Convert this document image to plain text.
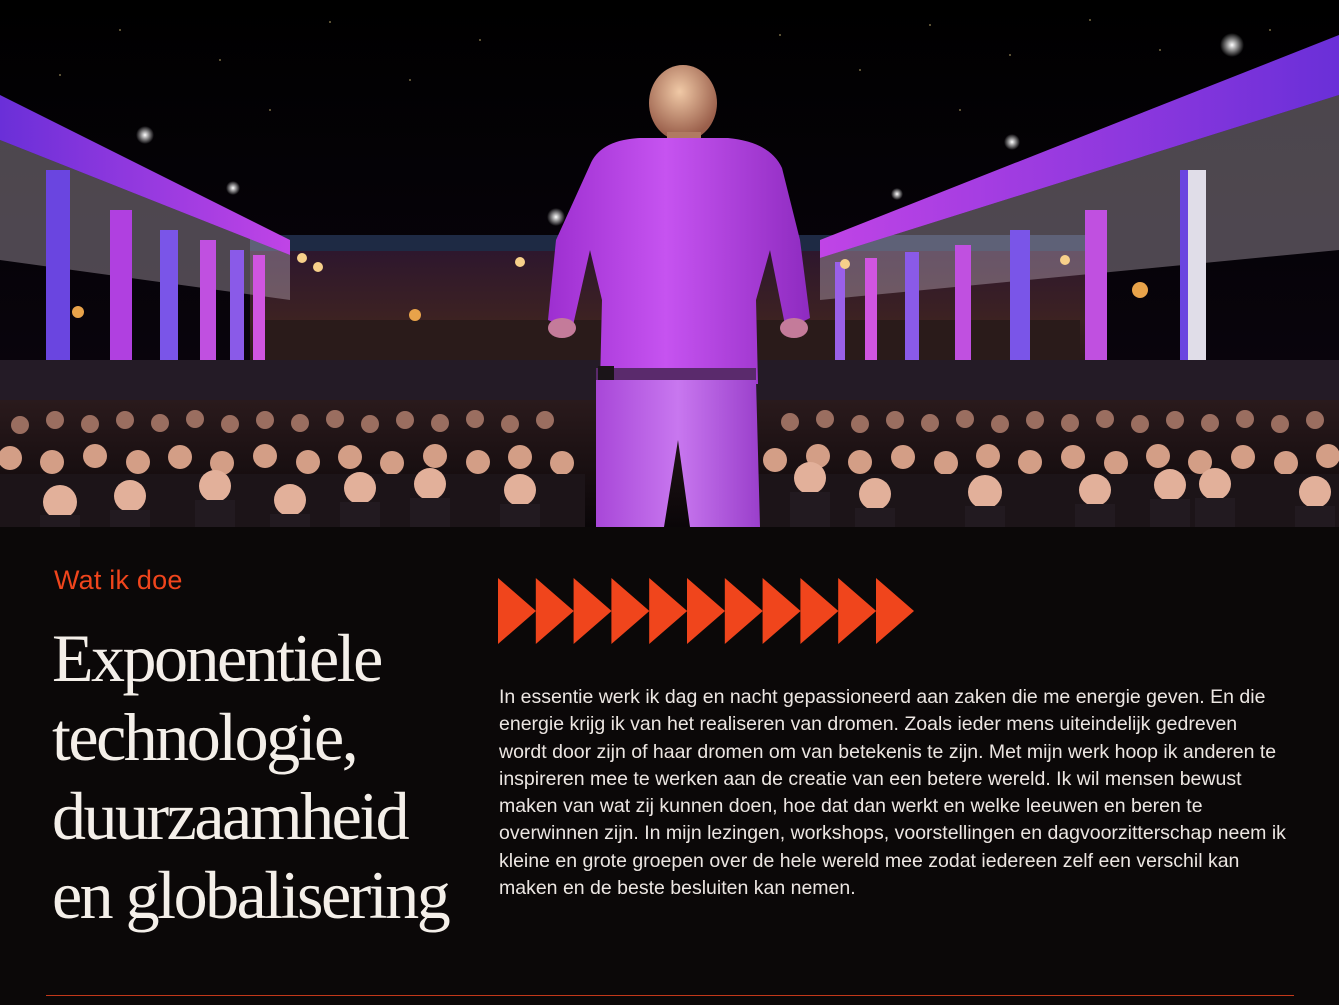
Wat ik doe
Exponentiele
technologie,
duurzaamheid
en globalisering

In essentie werk ik dag en nacht gepassioneerd aan zaken die me energie geven. En die energie krijg ik van het realiseren van dromen. Zoals ieder mens uiteindelijk gedreven wordt door zijn of haar dromen om van betekenis te zijn. Met mijn werk hoop ik anderen te inspireren mee te werken aan de creatie van een betere wereld. Ik wil mensen bewust maken van wat zij kunnen doen, hoe dat dan werkt en welke leeuwen en beren te overwinnen zijn. In mijn lezingen, workshops, voorstellingen en dagvoorzitterschap neem ik kleine en grote groepen over de hele wereld mee zodat iedereen zelf een verschil kan maken en de beste besluiten kan nemen.
